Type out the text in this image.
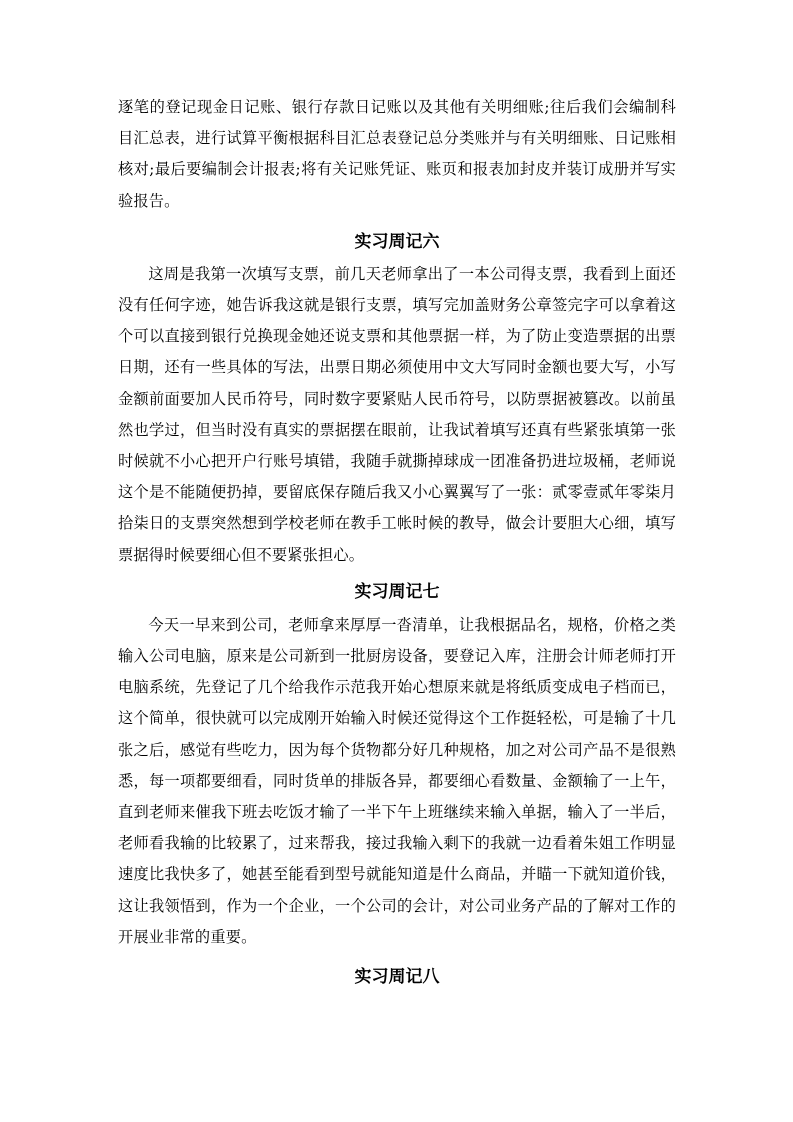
逐笔的登记现金日记账、银行存款日记账以及其他有关明细账;往后我们会编制科目汇总表，进行试算平衡根据科目汇总表登记总分类账并与有关明细账、日记账相核对;最后要编制会计报表;将有关记账凭证、账页和报表加封皮并装订成册并写实验报告。

实习周记六

这周是我第一次填写支票，前几天老师拿出了一本公司得支票，我看到上面还没有任何字迹，她告诉我这就是银行支票，填写完加盖财务公章签完字可以拿着这个可以直接到银行兑换现金她还说支票和其他票据一样，为了防止变造票据的出票日期，还有一些具体的写法，出票日期必须使用中文大写同时金额也要大写，小写金额前面要加人民币符号，同时数字要紧贴人民币符号，以防票据被篡改。以前虽然也学过，但当时没有真实的票据摆在眼前，让我试着填写还真有些紧张填第一张时候就不小心把开户行账号填错，我随手就撕掉球成一团准备扔进垃圾桶，老师说这个是不能随便扔掉，要留底保存随后我又小心翼翼写了一张：贰零壹贰年零柒月拾柒日的支票突然想到学校老师在教手工帐时候的教导，做会计要胆大心细，填写票据得时候要细心但不要紧张担心。

实习周记七

今天一早来到公司，老师拿来厚厚一沓清单，让我根据品名，规格，价格之类输入公司电脑，原来是公司新到一批厨房设备，要登记入库，注册会计师老师打开电脑系统，先登记了几个给我作示范我开始心想原来就是将纸质变成电子档而已，这个简单，很快就可以完成刚开始输入时候还觉得这个工作挺轻松，可是输了十几张之后，感觉有些吃力，因为每个货物都分好几种规格，加之对公司产品不是很熟悉，每一项都要细看，同时货单的排版各异，都要细心看数量、金额输了一上午，直到老师来催我下班去吃饭才输了一半下午上班继续来输入单据，输入了一半后，老师看我输的比较累了，过来帮我，接过我输入剩下的我就一边看着朱姐工作明显速度比我快多了，她甚至能看到型号就能知道是什么商品，并瞄一下就知道价钱，这让我领悟到，作为一个企业，一个公司的会计，对公司业务产品的了解对工作的开展业非常的重要。

实习周记八
